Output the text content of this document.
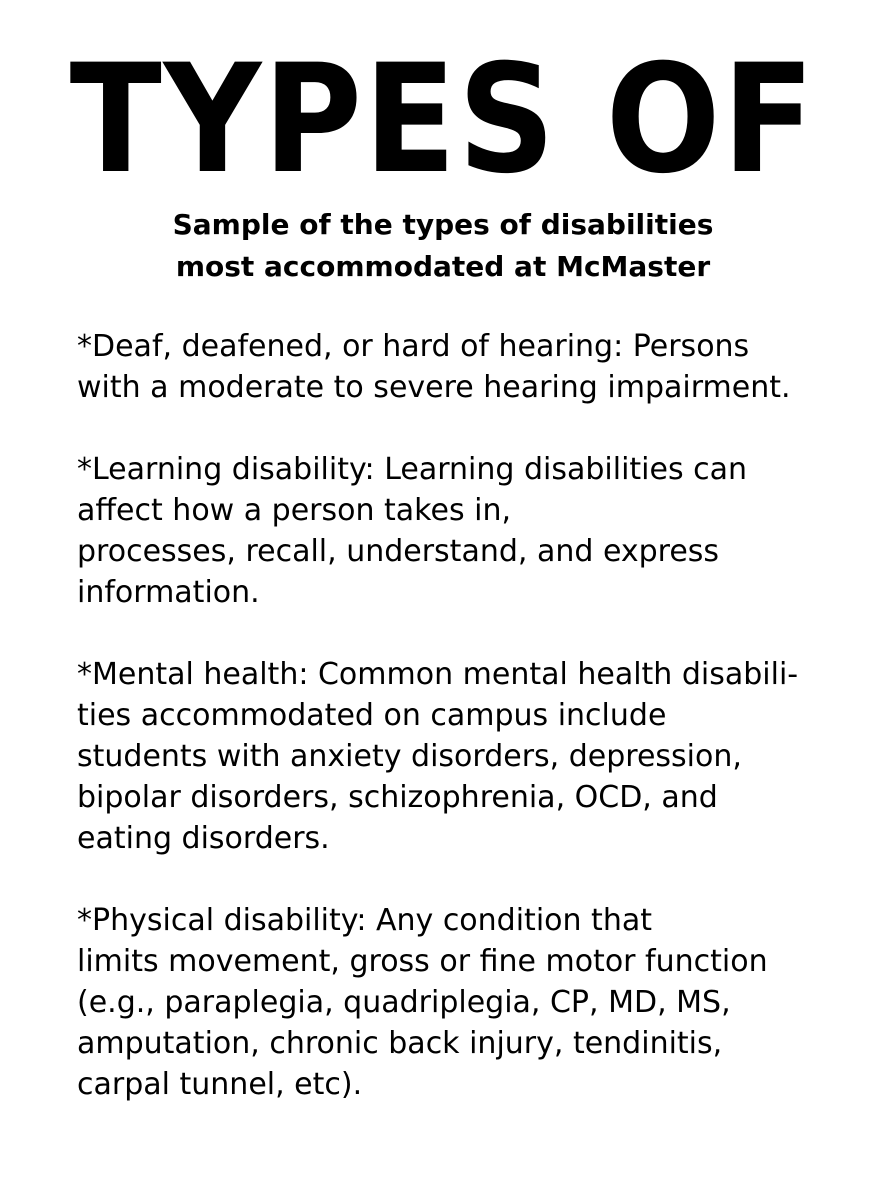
TYPES OF
Sample of the types of disabilities
most accommodated at McMaster
*Deaf, deafened, or hard of hearing: Persons
with a moderate to severe hearing impairment.
*Learning disability: Learning disabilities can
affect how a person takes in,
processes, recall, understand, and express
information.
*Mental health: Common mental health disabili-
ties accommodated on campus include
students with anxiety disorders, depression,
bipolar disorders, schizophrenia, OCD, and
eating disorders.
*Physical disability: Any condition that
limits movement, gross or fine motor function
(e.g., paraplegia, quadriplegia, CP, MD, MS,
amputation, chronic back injury, tendinitis,
carpal tunnel, etc).
